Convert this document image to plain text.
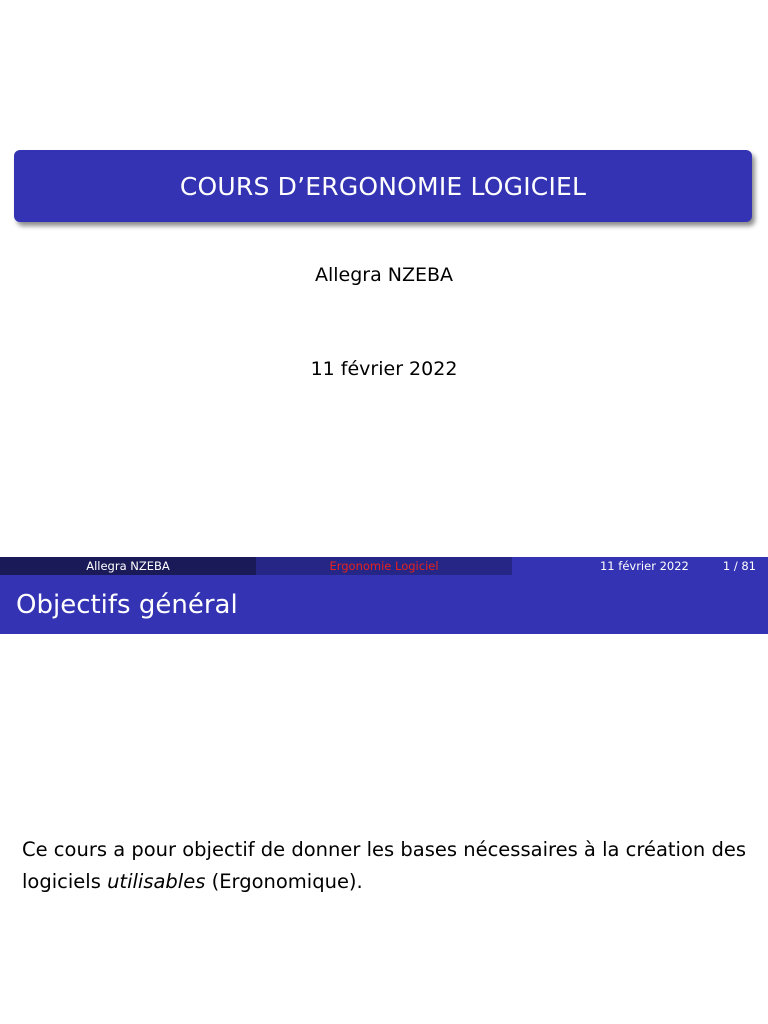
COURS D’ERGONOMIE LOGICIEL
Allegra NZEBA
11 février 2022
Allegra NZEBA	Ergonomie Logiciel	11 février 2022	1 / 81
Objectifs général

Ce cours a pour objectif de donner les bases nécessaires à la création des logiciels utilisables (Ergonomique).
